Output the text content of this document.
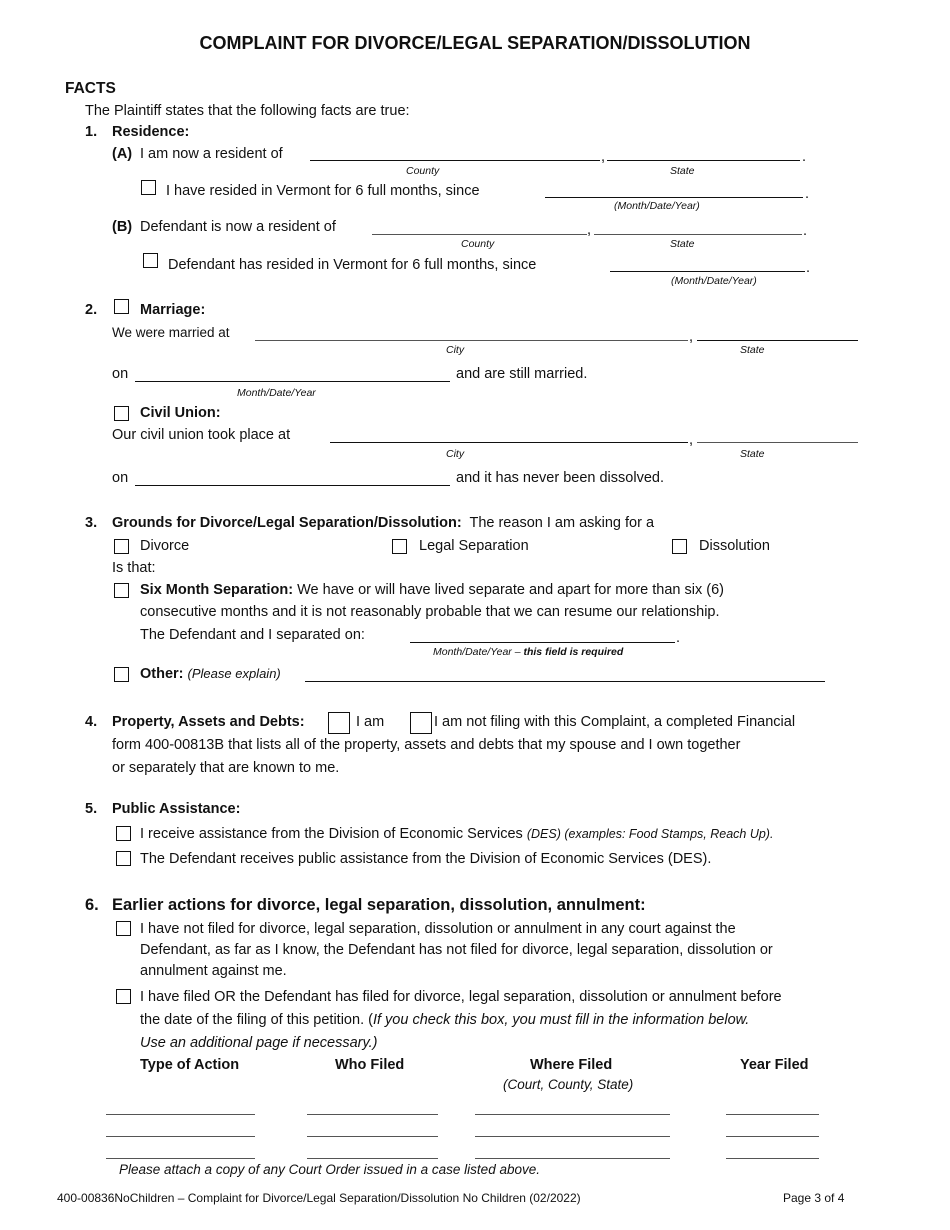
COMPLAINT FOR DIVORCE/LEGAL SEPARATION/DISSOLUTION
FACTS
The Plaintiff states that the following facts are true:
1. Residence:
(A) I am now a resident of	,	.
County	State
I have resided in Vermont for 6 full months, since	.
(Month/Date/Year)
(B) Defendant is now a resident of	,	.
County	State
Defendant has resided in Vermont for 6 full months, since	.
(Month/Date/Year)
2.	Marriage:
We were married at	,
City	State
on	and are still married.
Month/Date/Year
Civil Union:
Our civil union took place at	,
City	State
on	and it has never been dissolved.
3. Grounds for Divorce/Legal Separation/Dissolution: The reason I am asking for a
Divorce	Legal Separation	Dissolution
Is that:
Six Month Separation: We have or will have lived separate and apart for more than six (6)
consecutive months and it is not reasonably probable that we can resume our relationship.
The Defendant and I separated on:	.
Month/Date/Year – this field is required
Other: (Please explain)
4. Property, Assets and Debts:	I am	I am not filing with this Complaint, a completed Financial
form 400-00813B that lists all of the property, assets and debts that my spouse and I own together
or separately that are known to me.
5. Public Assistance:
I receive assistance from the Division of Economic Services (DES) (examples: Food Stamps, Reach Up).
The Defendant receives public assistance from the Division of Economic Services (DES).
6. Earlier actions for divorce, legal separation, dissolution, annulment:
I have not filed for divorce, legal separation, dissolution or annulment in any court against the
Defendant, as far as I know, the Defendant has not filed for divorce, legal separation, dissolution or
annulment against me.
I have filed OR the Defendant has filed for divorce, legal separation, dissolution or annulment before
the date of the filing of this petition. (If you check this box, you must fill in the information below.
Use an additional page if necessary.)
Type of Action	Who Filed	Where Filed	Year Filed
(Court, County, State)
Please attach a copy of any Court Order issued in a case listed above.
400-00836NoChildren – Complaint for Divorce/Legal Separation/Dissolution No Children (02/2022)	Page 3 of 4
